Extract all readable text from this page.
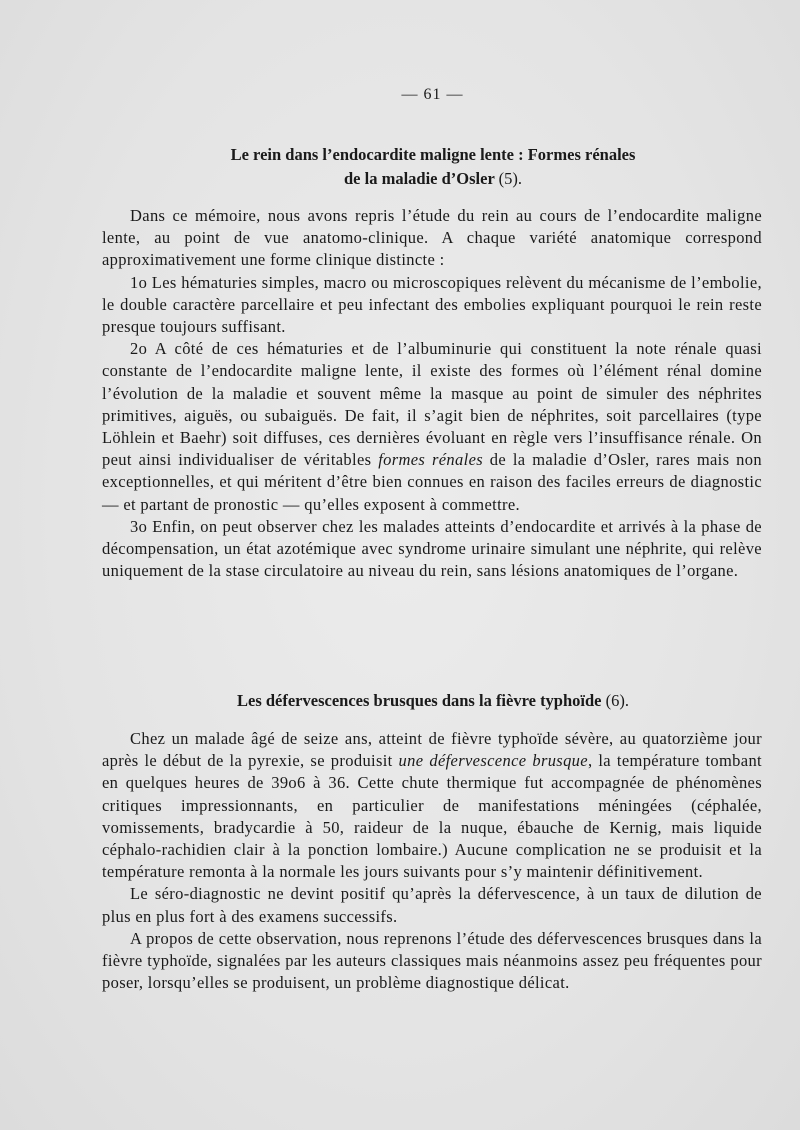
— 61 —
Le rein dans l’endocardite maligne lente : Formes rénales
de la maladie d’Osler (5).

Dans ce mémoire, nous avons repris l’étude du rein au cours de l’endocardite maligne lente, au point de vue anatomo-clinique. A chaque variété anatomique correspond approximativement une forme clinique distincte :

1o Les hématuries simples, macro ou microscopiques relèvent du mécanisme de l’embolie, le double caractère parcellaire et peu infectant des embolies expliquant pourquoi le rein reste presque toujours suffisant.

2o A côté de ces hématuries et de l’albuminurie qui constituent la note rénale quasi constante de l’endocardite maligne lente, il existe des formes où l’élément rénal domine l’évolution de la maladie et souvent même la masque au point de simuler des néphrites primitives, aiguës, ou subaiguës. De fait, il s’agit bien de néphrites, soit parcellaires (type Löhlein et Baehr) soit diffuses, ces dernières évoluant en règle vers l’insuffisance rénale. On peut ainsi individualiser de véritables formes rénales de la maladie d’Osler, rares mais non exceptionnelles, et qui méritent d’être bien connues en raison des faciles erreurs de diagnostic — et partant de pronostic — qu’elles exposent à commettre.

3o Enfin, on peut observer chez les malades atteints d’endocardite et arrivés à la phase de décompensation, un état azotémique avec syndrome urinaire simulant une néphrite, qui relève uniquement de la stase circulatoire au niveau du rein, sans lésions anatomiques de l’organe.

Les défervescences brusques dans la fièvre typhoïde (6).

Chez un malade âgé de seize ans, atteint de fièvre typhoïde sévère, au quatorzième jour après le début de la pyrexie, se produisit une défervescence brusque, la température tombant en quelques heures de 39o6 à 36. Cette chute thermique fut accompagnée de phénomènes critiques impressionnants, en particulier de manifestations méningées (céphalée, vomissements, bradycardie à 50, raideur de la nuque, ébauche de Kernig, mais liquide céphalo-rachidien clair à la ponction lombaire.) Aucune complication ne se produisit et la température remonta à la normale les jours suivants pour s’y maintenir définitivement.

Le séro-diagnostic ne devint positif qu’après la défervescence, à un taux de dilution de plus en plus fort à des examens successifs.

A propos de cette observation, nous reprenons l’étude des défervescences brusques dans la fièvre typhoïde, signalées par les auteurs classiques mais néanmoins assez peu fréquentes pour poser, lorsqu’elles se produisent, un problème diagnostique délicat.
